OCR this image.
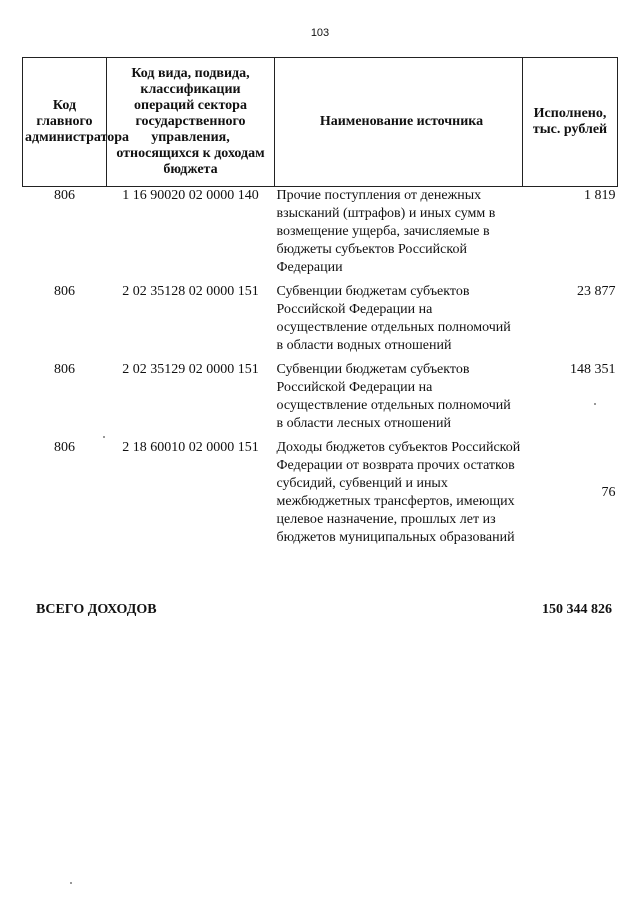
103
Код главного администратора	Код вида, подвида, классификации операций сектора государственного управления, относящихся к доходам бюджета	Наименование источника	Исполнено, тыс. рублей
806	1 16 90020 02 0000 140	Прочие поступления от денежных взысканий (штрафов) и иных сумм в возмещение ущерба, зачисляемые в бюджеты субъектов Российской Федерации	1 819
806	2 02 35128 02 0000 151	Субвенции бюджетам субъектов Российской Федерации на осуществление отдельных полномочий в области водных отношений	23 877
806	2 02 35129 02 0000 151	Субвенции бюджетам субъектов Российской Федерации на осуществление отдельных полномочий в области лесных отношений	148 351
806	2 18 60010 02 0000 151	Доходы бюджетов субъектов Российской Федерации от возврата прочих остатков субсидий, субвенций и иных межбюджетных трансфертов, имеющих целевое назначение, прошлых лет из бюджетов муниципальных образований	76
ВСЕГО ДОХОДОВ	150 344 826
